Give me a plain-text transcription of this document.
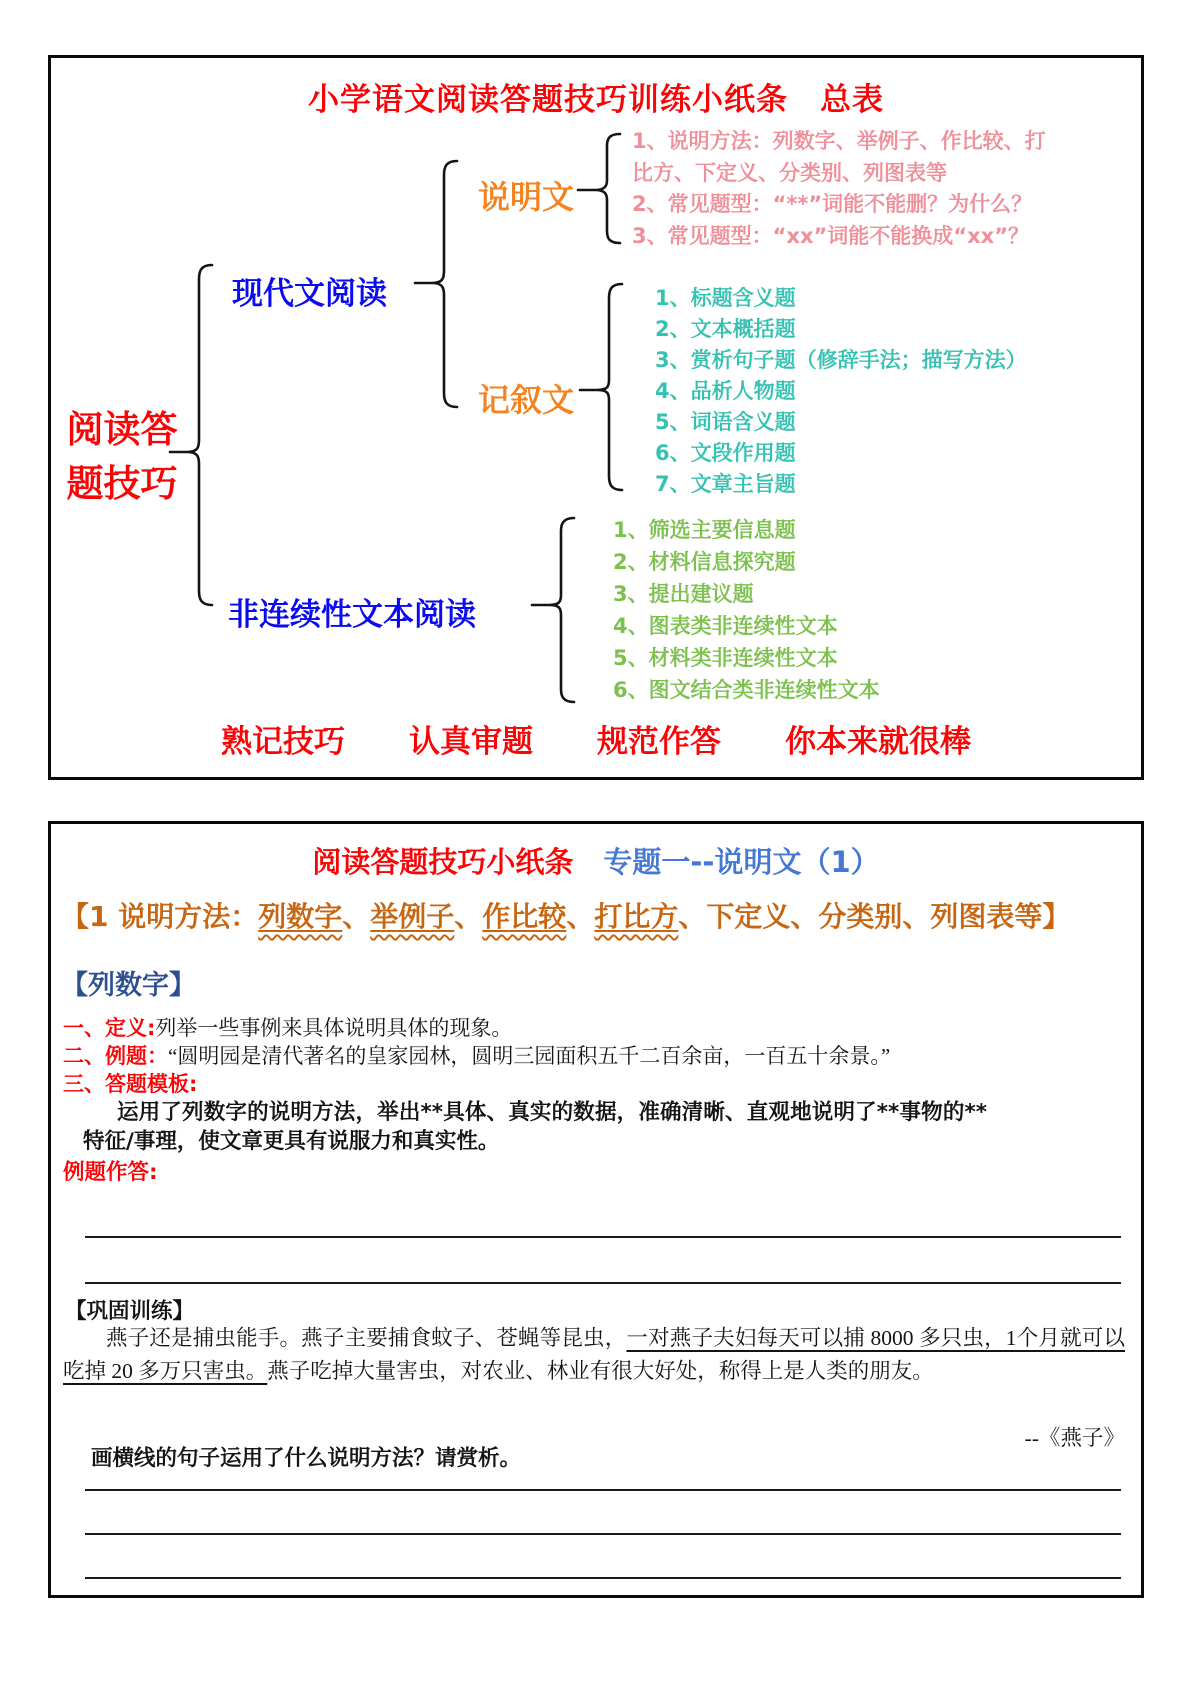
小学语文阅读答题技巧训练小纸条　总表
阅读答
题技巧
现代文阅读
说明文
1、说明方法：列数字、举例子、作比较、打比方、下定义、分类别、列图表等
2、常见题型：“**”词能不能删？为什么？
3、常见题型：“xx”词能不能换成“xx”？
记叙文
1、标题含义题
2、文本概括题
3、赏析句子题（修辞手法；描写方法）
4、品析人物题
5、词语含义题
6、文段作用题
7、文章主旨题
非连续性文本阅读
1、筛选主要信息题
2、材料信息探究题
3、提出建议题
4、图表类非连续性文本
5、材料类非连续性文本
6、图文结合类非连续性文本
熟记技巧 认真审题 规范作答 你本来就很棒
阅读答题技巧小纸条 专题一--说明文（1）
【1 说明方法：列数字、举例子、作比较、打比方、下定义、分类别、列图表等】
【列数字】
一、定义:列举一些事例来具体说明具体的现象。
二、例题：“圆明园是清代著名的皇家园林，圆明三园面积五千二百余亩，一百五十余景。”
三、答题模板:
运用了列数字的说明方法，举出**具体、真实的数据，准确清晰、直观地说明了**事物的**特征/事理，使文章更具有说服力和真实性。
例题作答:
【巩固训练】
燕子还是捕虫能手。燕子主要捕食蚊子、苍蝇等昆虫，一对燕子夫妇每天可以捕 8000 多只虫，1个月就可以吃掉 20 多万只害虫。燕子吃掉大量害虫，对农业、林业有很大好处，称得上是人类的朋友。
--《燕子》
画横线的句子运用了什么说明方法？请赏析。
